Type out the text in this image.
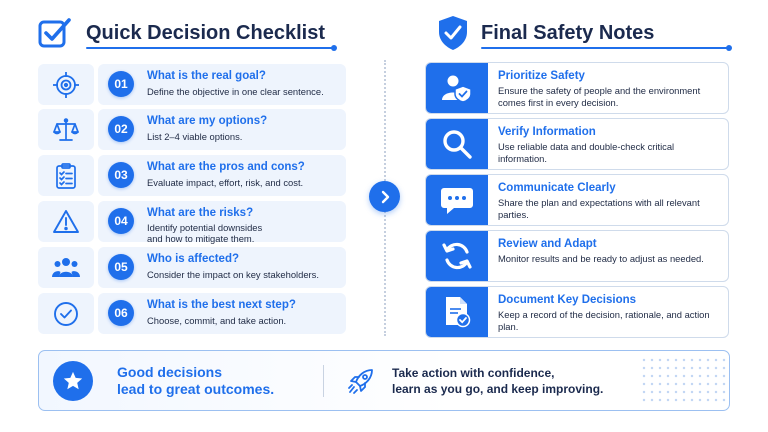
Quick Decision Checklist	Final Safety Notes
01
What is the real goal?
Define the objective in one clear sentence.
02
What are my options?
List 2–4 viable options.
03
What are the pros and cons?
Evaluate impact, effort, risk, and cost.
04
What are the risks?
Identify potential downsides and how to mitigate them.
05
Who is affected?
Consider the impact on key stakeholders.
06
What is the best next step?
Choose, commit, and take action.
Prioritize Safety
Ensure the safety of people and the environment comes first in every decision.
Verify Information
Use reliable data and double-check critical information.
Communicate Clearly
Share the plan and expectations with all relevant parties.
Review and Adapt
Monitor results and be ready to adjust as needed.
Document Key Decisions
Keep a record of the decision, rationale, and action plan.
Good decisions
lead to great outcomes.
Take action with confidence,
learn as you go, and keep improving.
